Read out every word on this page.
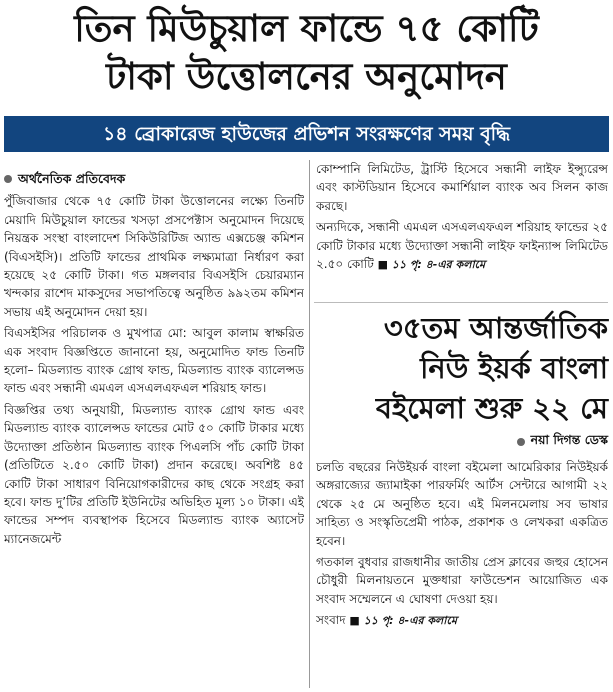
তিন মিউচুয়াল ফান্ডে ৭৫ কোটি
টাকা উত্তোলনের অনুমোদন
১৪ ব্রোকারেজ হাউজের প্রভিশন সংরক্ষণের সময় বৃদ্ধি
অর্থনৈতিক প্রতিবেদক

পুঁজিবাজার থেকে ৭৫ কোটি টাকা উত্তোলনের লক্ষ্যে তিনটি মেয়াদি মিউচুয়াল ফান্ডের খসড়া প্রসপেক্টাস অনুমোদন দিয়েছে নিয়ন্ত্রক সংস্থা বাংলাদেশ সিকিউরিটিজ অ্যান্ড এক্সচেঞ্জ কমিশন (বিএসইসি)। প্রতিটি ফান্ডের প্রাথমিক লক্ষ্যমাত্রা নির্ধারণ করা হয়েছে ২৫ কোটি টাকা। গত মঙ্গলবার বিএসইসি চেয়ারম্যান খন্দকার রাশেদ মাকসুদের সভাপতিত্বে অনুষ্ঠিত ৯৯২তম কমিশন সভায় এই অনুমোদন দেয়া হয়।

বিএসইসির পরিচালক ও মুখপাত্র মো: আবুল কালাম স্বাক্ষরিত এক সংবাদ বিজ্ঞপ্তিতে জানানো হয়, অনুমোদিত ফান্ড তিনটি হলো– মিডল্যান্ড ব্যাংক গ্রোথ ফান্ড, মিডল্যান্ড ব্যাংক ব্যালেন্সড ফান্ড এবং সন্ধানী এমএল এসএলএফএল শরিয়াহ ফান্ড।

বিজ্ঞপ্তির তথ্য অনুযায়ী, মিডল্যান্ড ব্যাংক গ্রোথ ফান্ড এবং মিডল্যান্ড ব্যাংক ব্যালেন্সড ফান্ডের মোট ৫০ কোটি টাকার মধ্যে উদ্যোক্তা প্রতিষ্ঠান মিডল্যান্ড ব্যাংক পিএলসি পাঁচ কোটি টাকা (প্রতিটিতে ২.৫০ কোটি টাকা) প্রদান করেছে। অবশিষ্ট ৪৫ কোটি টাকা সাধারণ বিনিয়োগকারীদের কাছ থেকে সংগ্রহ করা হবে। ফান্ড দু’টির প্রতিটি ইউনিটের অভিহিত মূল্য ১০ টাকা। এই ফান্ডের সম্পদ ব্যবস্থাপক হিসেবে মিডল্যান্ড ব্যাংক অ্যাসেট ম্যানেজমেন্ট

কোম্পানি লিমিটেড, ট্রাস্টি হিসেবে সন্ধানী লাইফ ইন্স্যুরেন্স এবং কাস্টডিয়ান হিসেবে কমার্শিয়াল ব্যাংক অব সিলন কাজ করছে।

অন্যদিকে, সন্ধানী এমএল এসএলএফএল শরিয়াহ ফান্ডের ২৫ কোটি টাকার মধ্যে উদ্যোক্তা সন্ধানী লাইফ ফাইন্যান্স লিমিটেড ২.৫০ কোটি ■ ১১ পৃ: ৪-এর কলামে

৩৫তম আন্তর্জাতিক
নিউ ইয়র্ক বাংলা
বইমেলা শুরু ২২ মে
নয়া দিগন্ত ডেস্ক

চলতি বছরের নিউইয়র্ক বাংলা বইমেলা আমেরিকার নিউইয়র্ক অঙ্গরাজ্যের জ্যামাইকা পারফর্মিং আর্টস সেন্টারে আগামী ২২ থেকে ২৫ মে অনুষ্ঠিত হবে। এই মিলনমেলায় সব ভাষার সাহিত্য ও সংস্কৃতিপ্রেমী পাঠক, প্রকাশক ও লেখকরা একত্রিত হবেন।

গতকাল বুধবার রাজধানীর জাতীয় প্রেস ক্লাবের জহুর হোসেন চৌধুরী মিলনায়তনে মুক্তধারা ফাউন্ডেশন আয়োজিত এক সংবাদ সম্মেলনে এ ঘোষণা দেওয়া হয়।

সংবাদ ■ ১১ পৃ: ৪-এর কলামে
